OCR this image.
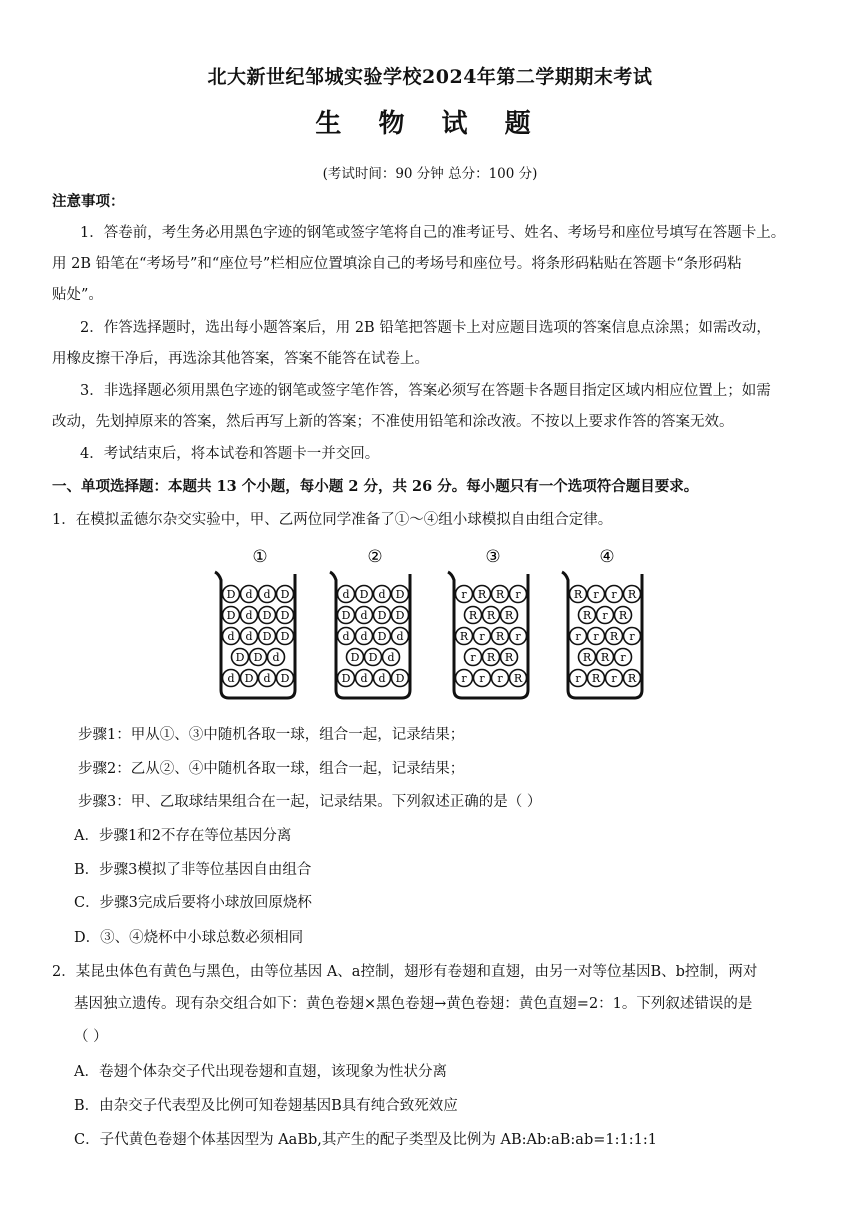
北大新世纪邹城实验学校2024年第二学期期末考试
生 物 试 题
(考试时间：90 分钟 总分：100 分)
注意事项：
1．答卷前，考生务必用黑色字迹的钢笔或签字笔将自己的准考证号、姓名、考场号和座位号填写在答题卡上。
用 2B 铅笔在“考场号”和“座位号”栏相应位置填涂自己的考场号和座位号。将条形码粘贴在答题卡“条形码粘
贴处”。
2．作答选择题时，选出每小题答案后，用 2B 铅笔把答题卡上对应题目选项的答案信息点涂黑；如需改动，
用橡皮擦干净后，再选涂其他答案，答案不能答在试卷上。
3．非选择题必须用黑色字迹的钢笔或签字笔作答，答案必须写在答题卡各题目指定区域内相应位置上；如需
改动，先划掉原来的答案，然后再写上新的答案；不准使用铅笔和涂改液。不按以上要求作答的答案无效。
4．考试结束后，将本试卷和答题卡一并交回。
一、单项选择题：本题共 13 个小题，每小题 2 分，共 26 分。每小题只有一个选项符合题目要求。
1．在模拟孟德尔杂交实验中，甲、乙两位同学准备了①～④组小球模拟自由组合定律。
①
D d d D
D d D D
d d D D
D D d
d D d D
②
d D d D
D d D D
d d D d
D D d
D d d D
③
r R R r
R R R
R r R r
r R R
r r r R
④
R r r R
R r R
r r R r
R R r
r R r R
步骤1：甲从①、③中随机各取一球，组合一起，记录结果；
步骤2：乙从②、④中随机各取一球，组合一起，记录结果；
步骤3：甲、乙取球结果组合在一起，记录结果。下列叙述正确的是（ ）
A．步骤1和2不存在等位基因分离
B．步骤3模拟了非等位基因自由组合
C．步骤3完成后要将小球放回原烧杯
D．③、④烧杯中小球总数必须相同
2．某昆虫体色有黄色与黑色，由等位基因 A、a控制，翅形有卷翅和直翅，由另一对等位基因B、b控制，两对
基因独立遗传。现有杂交组合如下：黄色卷翅×黑色卷翅→黄色卷翅：黄色直翅=2：1。下列叙述错误的是
（ ）
A．卷翅个体杂交子代出现卷翅和直翅，该现象为性状分离
B．由杂交子代表型及比例可知卷翅基因B具有纯合致死效应
C．子代黄色卷翅个体基因型为 AaBb,其产生的配子类型及比例为 AB:Ab:aB:ab=1:1:1:1
